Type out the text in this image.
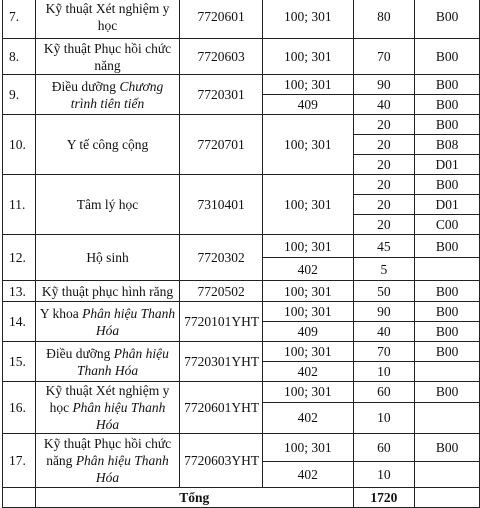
7.	Kỹ thuật Xét nghiệm y học	7720601	100; 301	80	B00
8.	Kỹ thuật Phục hồi chức năng	7720603	100; 301	70	B00
9.	Điều dưỡng Chương trình tiên tiến	7720301	100; 301	90	B00
			409	40	B00
10.	Y tế công cộng	7720701	100; 301	20	B00
				20	B08
				20	D01
11.	Tâm lý học	7310401	100; 301	20	B00
				20	D01
				20	C00
12.	Hộ sinh	7720302	100; 301	45	B00
			402	5	
13.	Kỹ thuật phục hình răng	7720502	100; 301	50	B00
14.	Y khoa Phân hiệu Thanh Hóa	7720101YHT	100; 301	90	B00
			409	40	B00
15.	Điều dưỡng Phân hiệu Thanh Hóa	7720301YHT	100; 301	70	B00
			402	10	
16.	Kỹ thuật Xét nghiệm y học Phân hiệu Thanh Hóa	7720601YHT	100; 301	60	B00
			402	10	
17.	Kỹ thuật Phục hồi chức năng Phân hiệu Thanh Hóa	7720603YHT	100; 301	60	B00
			402	10	
	Tổng			1720	
